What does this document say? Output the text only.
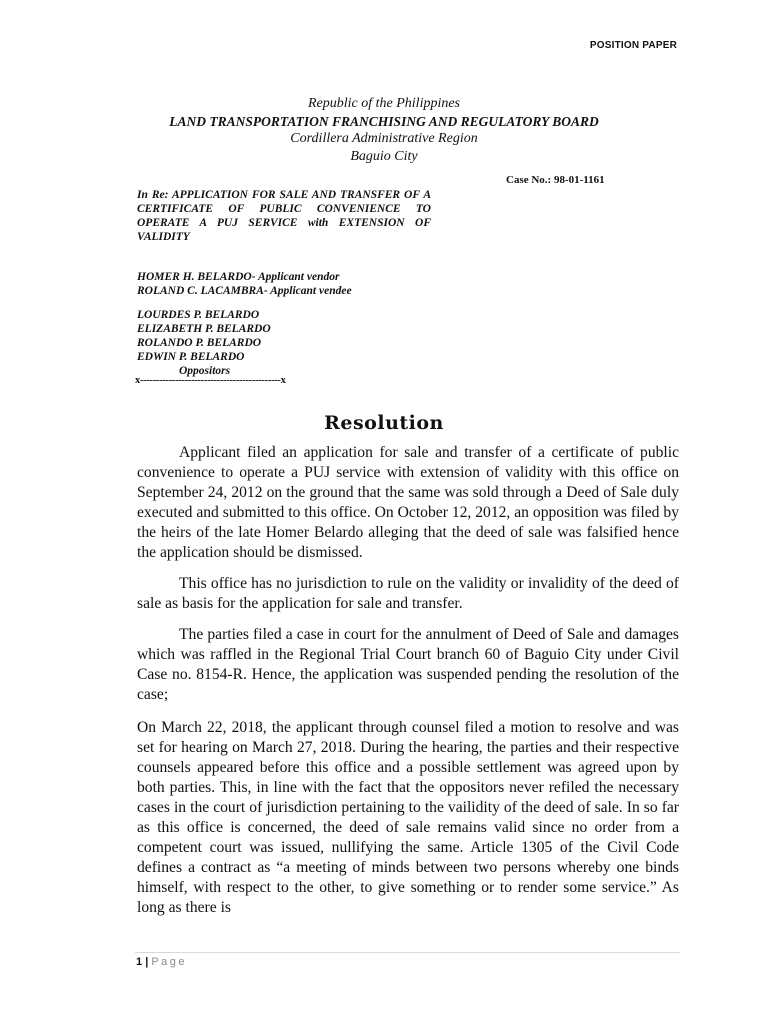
POSITION PAPER
Republic of the Philippines
LAND TRANSPORTATION FRANCHISING AND REGULATORY BOARD
Cordillera Administrative Region
Baguio City
Case No.: 98-01-1161
In Re: APPLICATION FOR SALE AND TRANSFER OF A CERTIFICATE OF PUBLIC CONVENIENCE TO OPERATE A PUJ SERVICE with EXTENSION OF VALIDITY
HOMER H. BELARDO- Applicant vendor
ROLAND C. LACAMBRA- Applicant vendee
LOURDES P. BELARDO
ELIZABETH P. BELARDO
ROLANDO P. BELARDO
EDWIN P. BELARDO
Oppositors
x--------------------------------------------x
Resolution

Applicant filed an application for sale and transfer of a certificate of public convenience to operate a PUJ service with extension of validity with this office on September 24, 2012 on the ground that the same was sold through a Deed of Sale duly executed and submitted to this office. On October 12, 2012, an opposition was filed by the heirs of the late Homer Belardo alleging that the deed of sale was falsified hence the application should be dismissed.

This office has no jurisdiction to rule on the validity or invalidity of the deed of sale as basis for the application for sale and transfer.

The parties filed a case in court for the annulment of Deed of Sale and damages which was raffled in the Regional Trial Court branch 60 of Baguio City under Civil Case no. 8154-R. Hence, the application was suspended pending the resolution of the case;

On March 22, 2018, the applicant through counsel filed a motion to resolve and was set for hearing on March 27, 2018. During the hearing, the parties and their respective counsels appeared before this office and a possible settlement was agreed upon by both parties. This, in line with the fact that the oppositors never refiled the necessary cases in the court of jurisdiction pertaining to the vailidity of the deed of sale. In so far as this office is concerned, the deed of sale remains valid since no order from a competent court was issued, nullifying the same. Article 1305 of the Civil Code defines a contract as “a meeting of minds between two persons whereby one binds himself, with respect to the other, to give something or to render some service.” As long as there is

1 | Page
